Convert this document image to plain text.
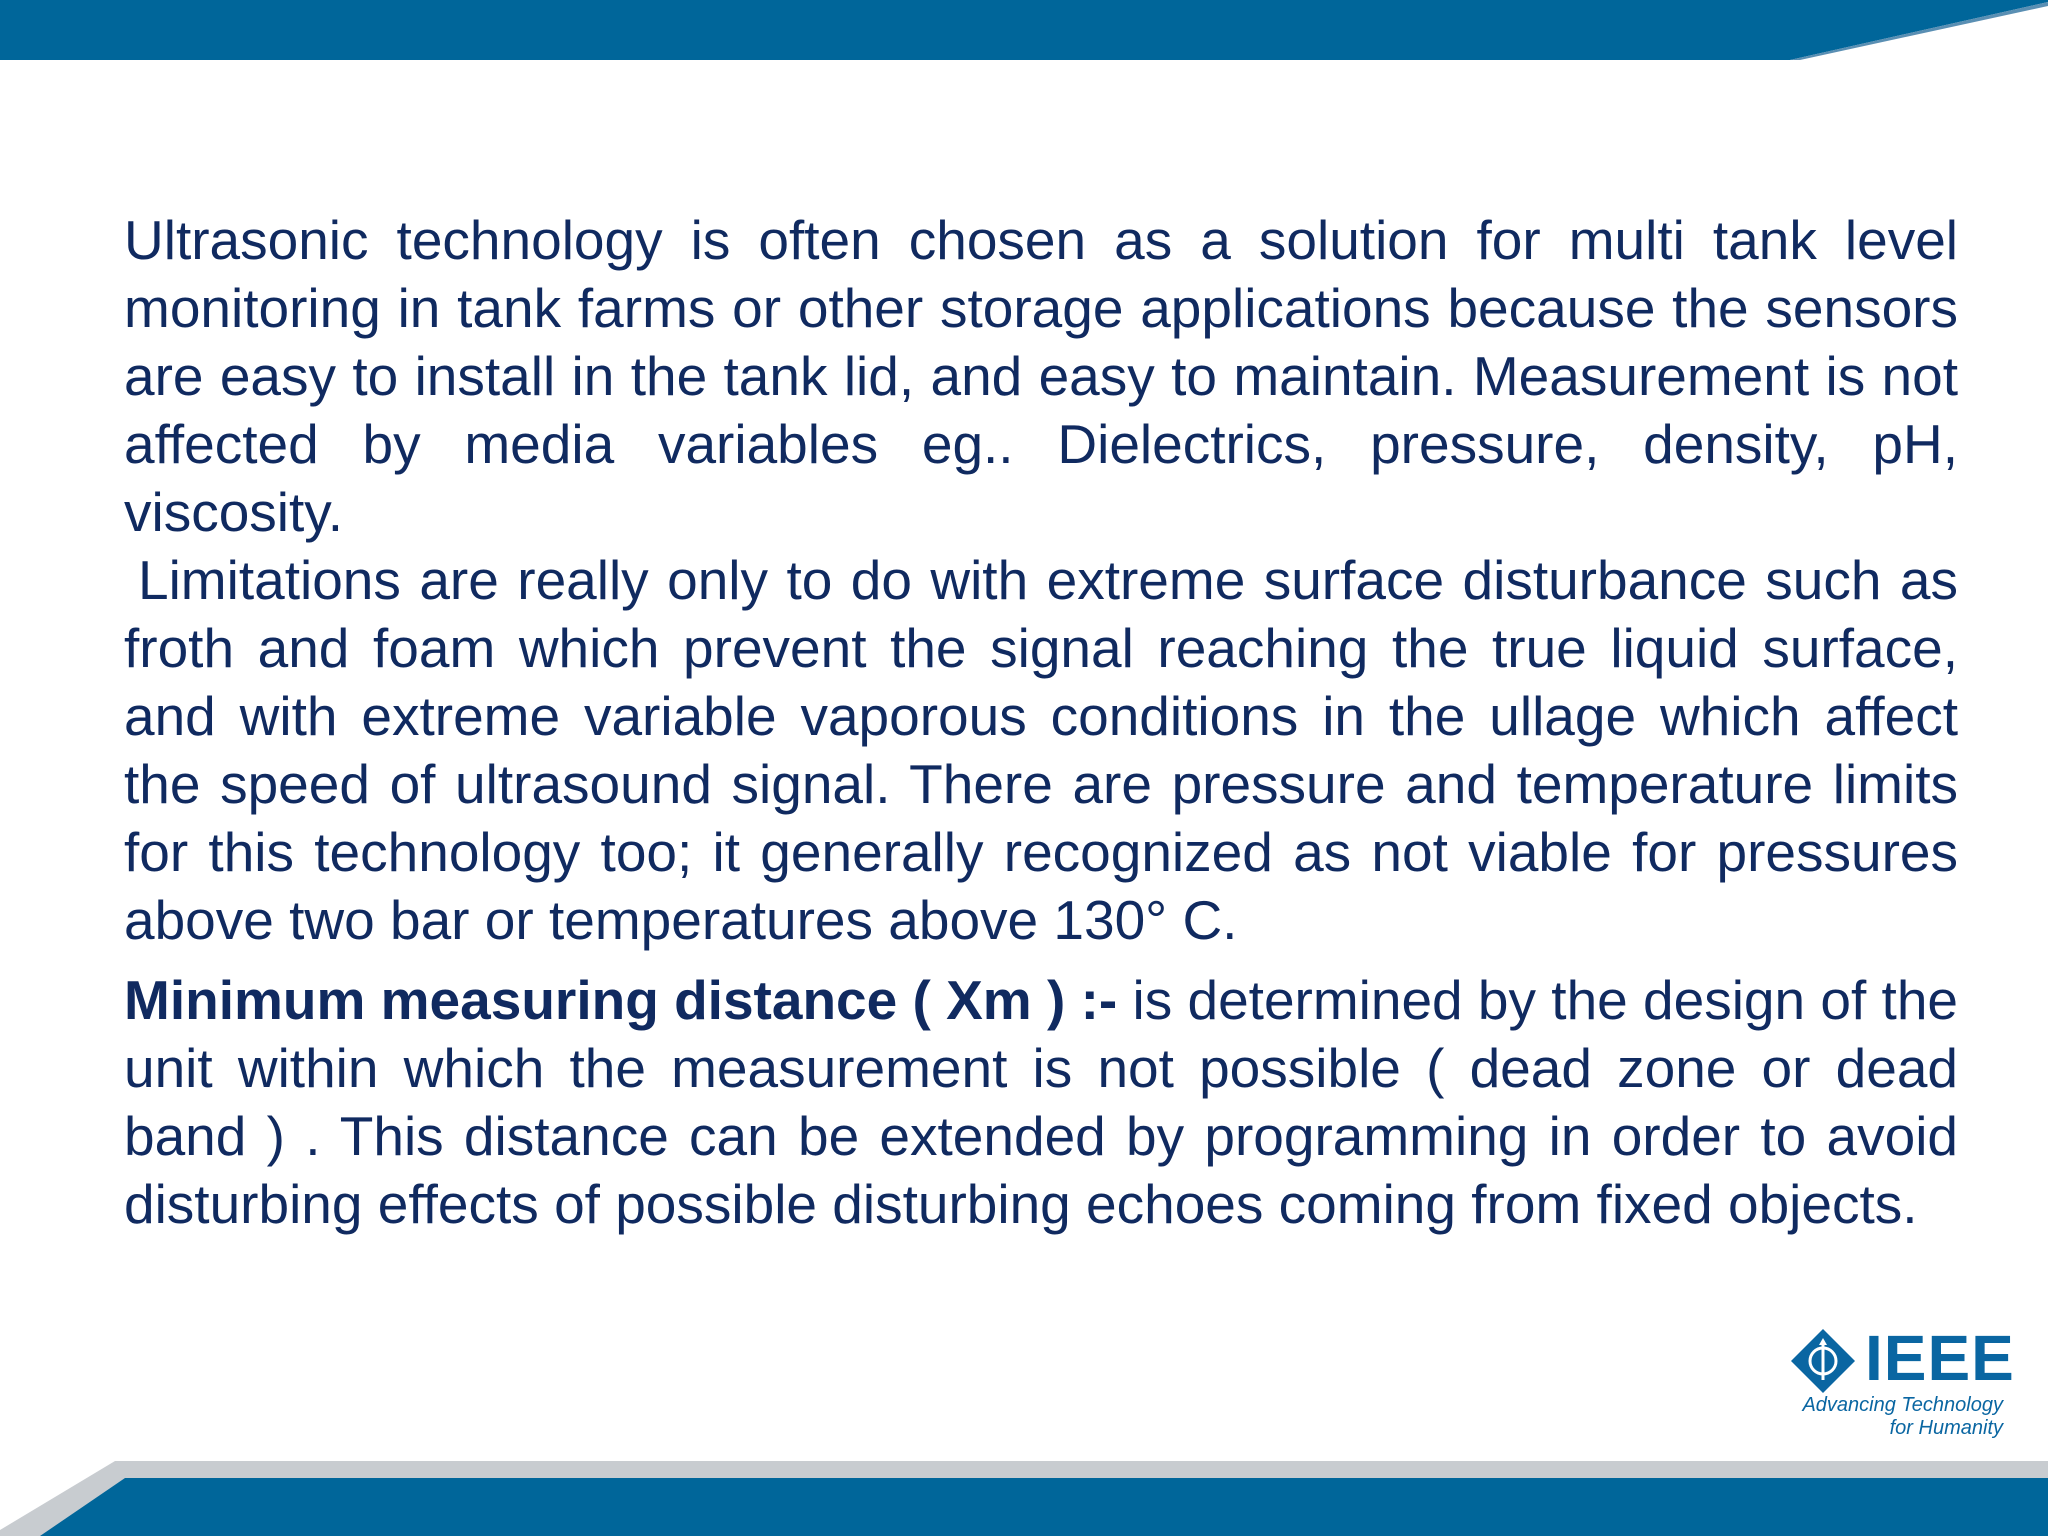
Ultrasonic technology is often chosen as a solution for multi tank level monitoring in tank farms or other storage applications because the sensors are easy to install in the tank lid, and easy to maintain. Measurement is not affected by media variables eg.. Dielectrics, pressure, density, pH, viscosity.

Limitations are really only to do with extreme surface disturbance such as froth and foam which prevent the signal reaching the true liquid surface, and with extreme variable vaporous conditions in the ullage which affect the speed of ultrasound signal. There are pressure and temperature limits for this technology too; it generally recognized as not viable for pressures above two bar or temperatures above 130° C.

Minimum measuring distance ( Xm ) :- is determined by the design of the unit within which the measurement is not possible ( dead zone or dead band ) . This distance can be extended by programming in order to avoid disturbing effects of possible disturbing echoes coming from fixed objects.

IEEE
Advancing Technology
for Humanity
